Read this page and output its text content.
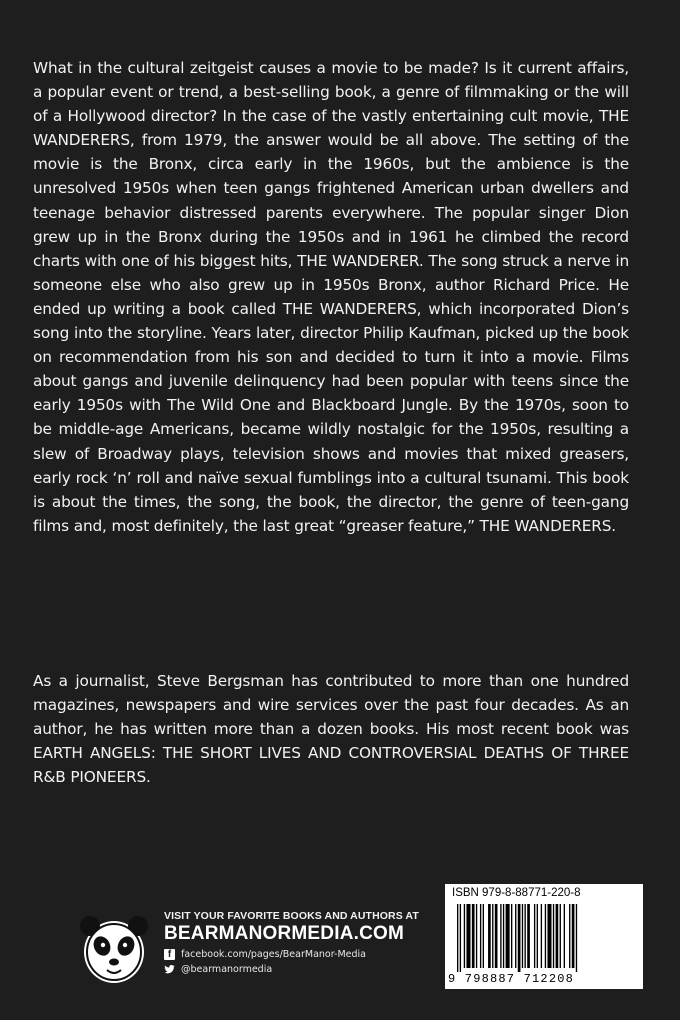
What in the cultural zeitgeist causes a movie to be made? Is it current affairs, a popular event or trend, a best-selling book, a genre of filmmaking or the will of a Hollywood director? In the case of the vastly entertaining cult movie, THE WANDERERS, from 1979, the answer would be all above. The setting of the movie is the Bronx, circa early in the 1960s, but the ambience is the unresolved 1950s when teen gangs frightened American urban dwellers and teenage behavior distressed parents everywhere. The popular singer Dion grew up in the Bronx during the 1950s and in 1961 he climbed the record charts with one of his biggest hits, THE WANDERER. The song struck a nerve in someone else who also grew up in 1950s Bronx, author Richard Price. He ended up writing a book called THE WANDERERS, which incorporated Dion’s song into the storyline. Years later, director Philip Kaufman, picked up the book on recommendation from his son and decided to turn it into a movie. Films about gangs and juvenile delinquency had been popular with teens since the early 1950s with The Wild One and Blackboard Jungle. By the 1970s, soon to be middle-age Americans, became wildly nostalgic for the 1950s, resulting a slew of Broadway plays, television shows and movies that mixed greasers, early rock ‘n’ roll and naïve sexual fumblings into a cultural tsunami. This book is about the times, the song, the book, the director, the genre of teen-gang films and, most definitely, the last great “greaser feature,” THE WANDERERS.

As a journalist, Steve Bergsman has contributed to more than one hundred magazines, newspapers and wire services over the past four decades. As an author, he has written more than a dozen books. His most recent book was EARTH ANGELS: THE SHORT LIVES AND CONTROVERSIAL DEATHS OF THREE R&B PIONEERS.

VISIT YOUR FAVORITE BOOKS AND AUTHORS AT
BEARMANORMEDIA.COM
f	facebook.com/pages/BearManor-Media
@bearmanormedia
ISBN 979-8-88771-220-8
9 798887 712208
